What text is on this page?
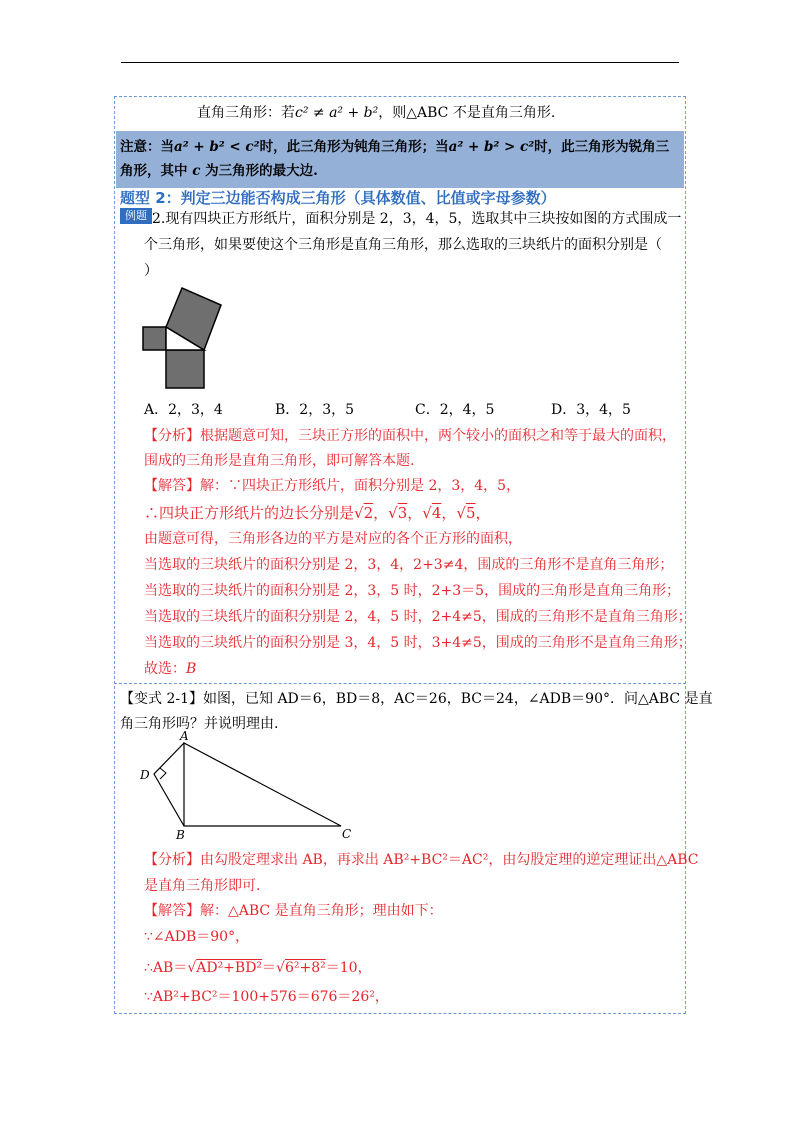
直角三角形：若c² ≠ a² + b²，则△ABC 不是直角三角形.
注意：当a² + b² < c²时，此三角形为钝角三角形；当a² + b² > c²时，此三角形为锐角三
角形，其中 c 为三角形的最大边.
题型 2：判定三边能否构成三角形（具体数值、比值或字母参数）
例题 2.现有四块正方形纸片，面积分别是 2，3，4，5，选取其中三块按如图的方式围成一
个三角形，如果要使这个三角形是直角三角形，那么选取的三块纸片的面积分别是（
）
A．2，3，4	B．2，3，5	C．2，4，5	D．3，4，5
【分析】根据题意可知，三块正方形的面积中，两个较小的面积之和等于最大的面积，
围成的三角形是直角三角形，即可解答本题.
【解答】解：∵四块正方形纸片，面积分别是 2，3，4，5，
∴四块正方形纸片的边长分别是√2，√3，√4，√5，
由题意可得，三角形各边的平方是对应的各个正方形的面积，
当选取的三块纸片的面积分别是 2，3，4，2+3≠4，围成的三角形不是直角三角形；
当选取的三块纸片的面积分别是 2，3，5 时，2+3＝5，围成的三角形是直角三角形；
当选取的三块纸片的面积分别是 2，4，5 时，2+4≠5，围成的三角形不是直角三角形；
当选取的三块纸片的面积分别是 3，4，5 时，3+4≠5，围成的三角形不是直角三角形；
故选：B
【变式 2-1】如图，已知 AD＝6，BD＝8，AC＝26，BC＝24，∠ADB＝90°．问△ABC 是直
角三角形吗？并说明理由.
A
D
B	C
【分析】由勾股定理求出 AB，再求出 AB²+BC²＝AC²，由勾股定理的逆定理证出△ABC
是直角三角形即可.
【解答】解：△ABC 是直角三角形；理由如下：
∵∠ADB＝90°，
∴AB＝√AD²+BD²＝√6²+8²＝10，
∵AB²+BC²＝100+576＝676＝26²，
